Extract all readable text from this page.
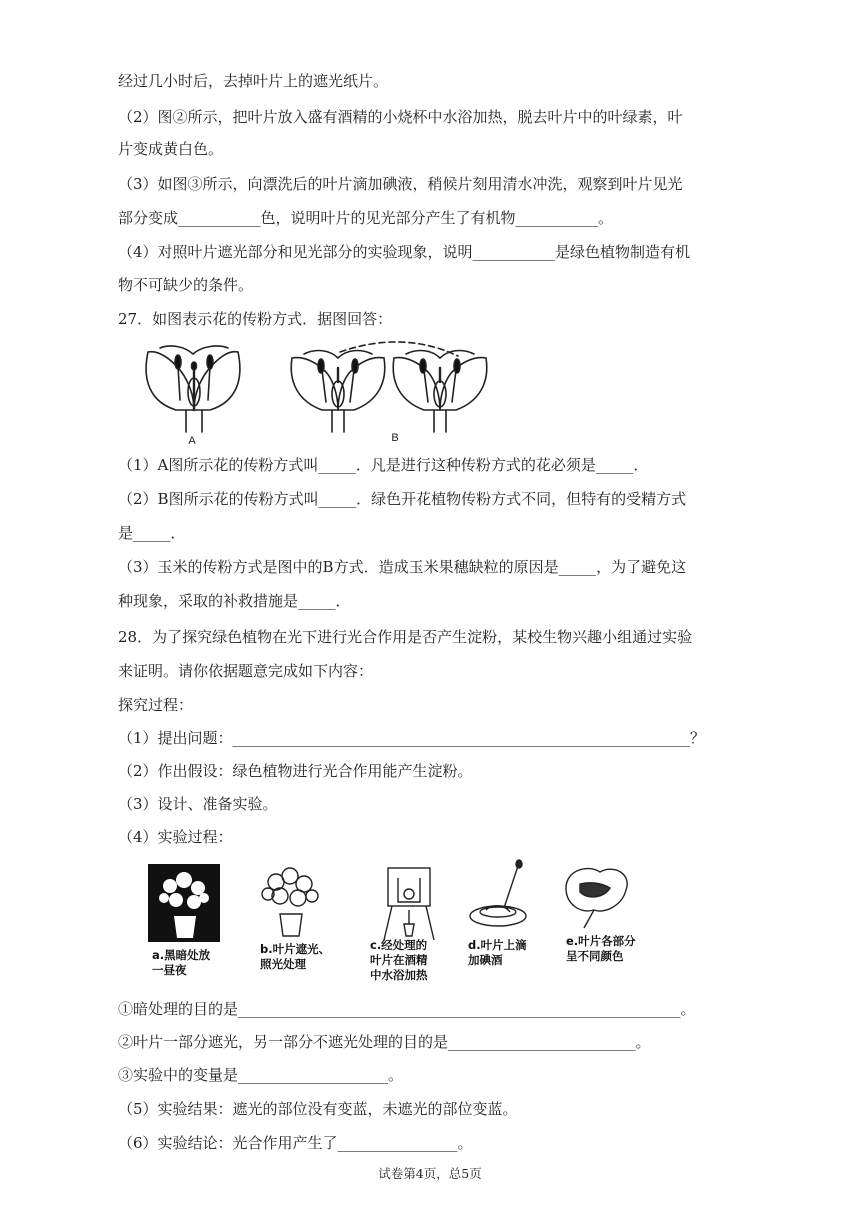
经过几小时后，去掉叶片上的遮光纸片。
（2）图②所示，把叶片放入盛有酒精的小烧杯中水浴加热，脱去叶片中的叶绿素，叶
片变成黄白色。
（3）如图③所示，向漂洗后的叶片滴加碘液，稍候片刻用清水冲洗，观察到叶片见光
部分变成___________色，说明叶片的见光部分产生了有机物___________。
（4）对照叶片遮光部分和见光部分的实验现象，说明___________是绿色植物制造有机
物不可缺少的条件。
27．如图表示花的传粉方式．据图回答：
A	B
（1）A图所示花的传粉方式叫_____．凡是进行这种传粉方式的花必须是_____．
（2）B图所示花的传粉方式叫_____．绿色开花植物传粉方式不同，但特有的受精方式
是_____．
（3）玉米的传粉方式是图中的B方式．造成玉米果穗缺粒的原因是_____，为了避免这
种现象，采取的补救措施是_____．
28．为了探究绿色植物在光下进行光合作用是否产生淀粉，某校生物兴趣小组通过实验
来证明。请你依据题意完成如下内容：
探究过程：
（1）提出问题：_____________________________________________________________？
（2）作出假设：绿色植物进行光合作用能产生淀粉。
（3）设计、准备实验。
（4）实验过程：
a.黑暗处放
一昼夜
b.叶片遮光、
照光处理
c.经处理的
叶片在酒精
中水浴加热
d.叶片上滴
加碘酒
e.叶片各部分
呈不同颜色
①暗处理的目的是___________________________________________________________。
②叶片一部分遮光，另一部分不遮光处理的目的是_________________________。
③实验中的变量是____________________。
（5）实验结果：遮光的部位没有变蓝，未遮光的部位变蓝。
（6）实验结论：光合作用产生了________________。
试卷第4页，总5页
